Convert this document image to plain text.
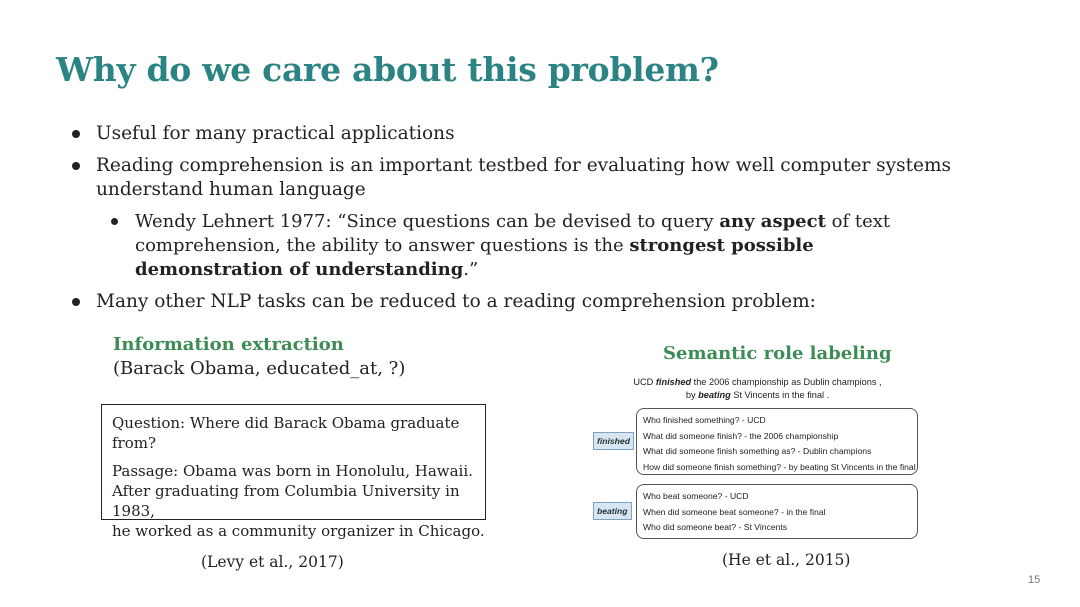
Why do we care about this problem?
Useful for many practical applications
Reading comprehension is an important testbed for evaluating how well computer systems understand human language
Wendy Lehnert 1977: “Since questions can be devised to query any aspect of text comprehension, the ability to answer questions is the strongest possible demonstration of understanding.”
Many other NLP tasks can be reduced to a reading comprehension problem:
Information extraction
(Barack Obama, educated_at, ?)
Question: Where did Barack Obama graduate from?
Passage: Obama was born in Honolulu, Hawaii.
After graduating from Columbia University in 1983,
he worked as a community organizer in Chicago.
(Levy et al., 2017)
Semantic role labeling
UCD finished the 2006 championship as Dublin champions ,
by beating St Vincents in the final .
finished
Who finished something? - UCD
What did someone finish? - the 2006 championship
What did someone finish something as? - Dublin champions
How did someone finish something? - by beating St Vincents in the final
beating
Who beat someone? - UCD
When did someone beat someone? - in the final
Who did someone beat? - St Vincents
(He et al., 2015)
15
